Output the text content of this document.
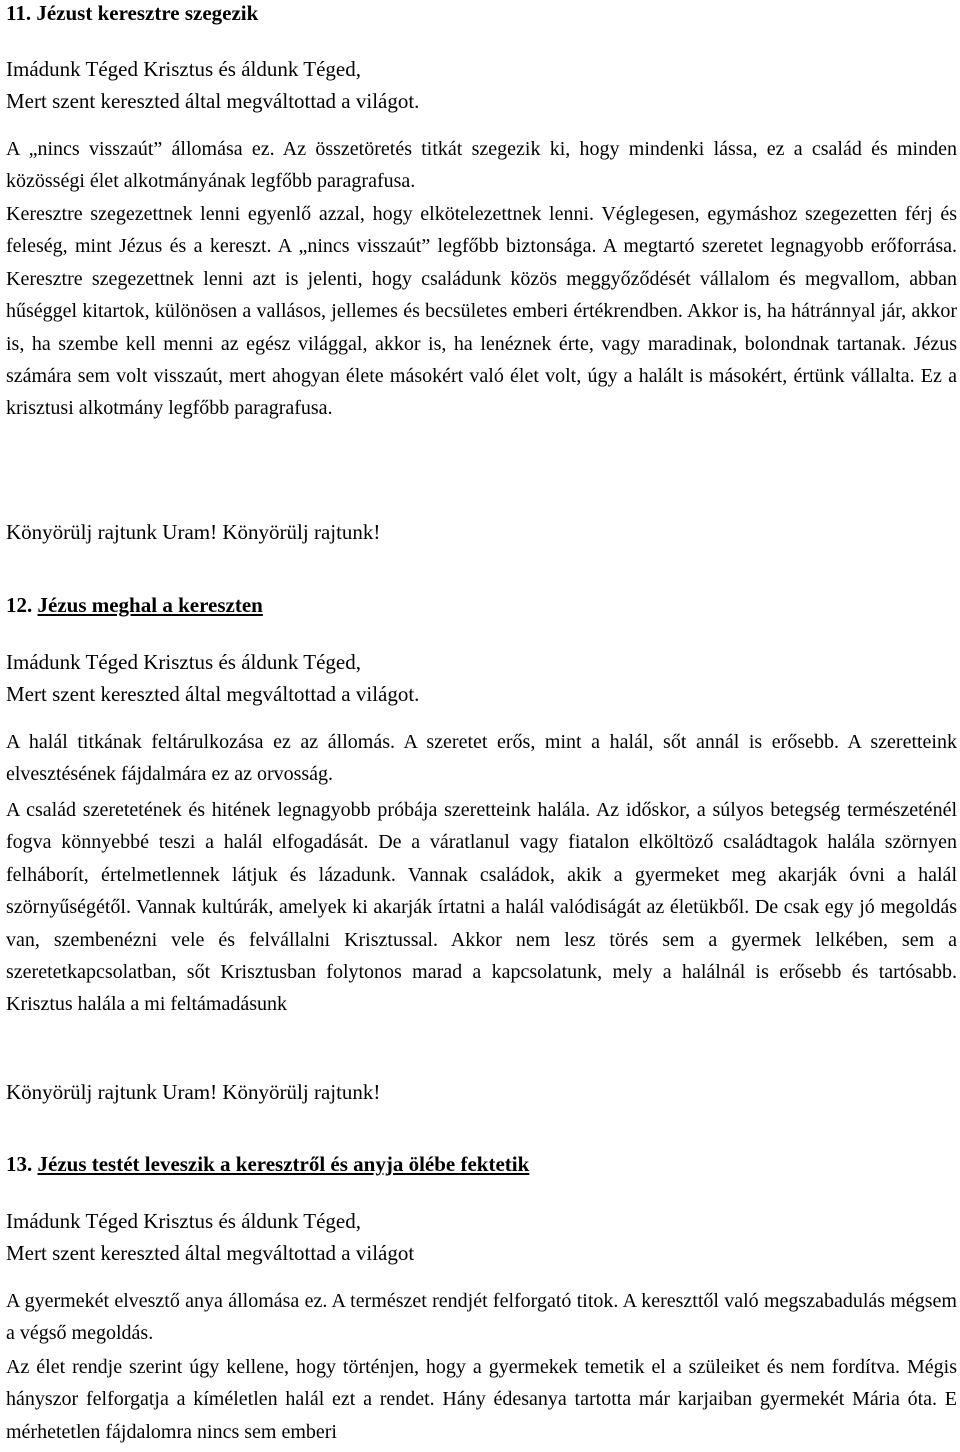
11. Jézust keresztre szegezik

Imádunk Téged Krisztus és áldunk Téged,
Mert szent kereszted által megváltottad a világot.

A „nincs visszaút” állomása ez. Az összetöretés titkát szegezik ki, hogy mindenki lássa, ez a család és minden közösségi élet alkotmányának legfőbb paragrafusa.

Keresztre szegezettnek lenni egyenlő azzal, hogy elkötelezettnek lenni. Véglegesen, egymáshoz szegezetten férj és feleség, mint Jézus és a kereszt. A „nincs visszaút” legfőbb biztonsága. A megtartó szeretet legnagyobb erőforrása. Keresztre szegezettnek lenni azt is jelenti, hogy családunk közös meggyőződését vállalom és megvallom, abban hűséggel kitartok, különösen a vallásos, jellemes és becsületes emberi értékrendben. Akkor is, ha hátránnyal jár, akkor is, ha szembe kell menni az egész világgal, akkor is, ha lenéznek érte, vagy maradinak, bolondnak tartanak. Jézus számára sem volt visszaút, mert ahogyan élete másokért való élet volt, úgy a halált is másokért, értünk vállalta. Ez a krisztusi alkotmány legfőbb paragrafusa.

Könyörülj rajtunk Uram! Könyörülj rajtunk!

12. Jézus meghal a kereszten

Imádunk Téged Krisztus és áldunk Téged,
Mert szent kereszted által megváltottad a világot.

A halál titkának feltárulkozása ez az állomás. A szeretet erős, mint a halál, sőt annál is erősebb. A szeretteink elvesztésének fájdalmára ez az orvosság.

A család szeretetének és hitének legnagyobb próbája szeretteink halála. Az időskor, a súlyos betegség természeténél fogva könnyebbé teszi a halál elfogadását. De a váratlanul vagy fiatalon elköltöző családtagok halála szörnyen felháborít, értelmetlennek látjuk és lázadunk. Vannak családok, akik a gyermeket meg akarják óvni a halál szörnyűségétől. Vannak kultúrák, amelyek ki akarják írtatni a halál valódiságát az életükből. De csak egy jó megoldás van, szembenézni vele és felvállalni Krisztussal. Akkor nem lesz törés sem a gyermek lelkében, sem a szeretetkapcsolatban, sőt Krisztusban folytonos marad a kapcsolatunk, mely a halálnál is erősebb és tartósabb. Krisztus halála a mi feltámadásunk

Könyörülj rajtunk Uram! Könyörülj rajtunk!

13. Jézus testét leveszik a keresztről és anyja ölébe fektetik

Imádunk Téged Krisztus és áldunk Téged,
Mert szent kereszted által megváltottad a világot

A gyermekét elvesztő anya állomása ez. A természet rendjét felforgató titok. A kereszttől való megszabadulás mégsem a végső megoldás.

Az élet rendje szerint úgy kellene, hogy történjen, hogy a gyermekek temetik el a szüleiket és nem fordítva. Mégis hányszor felforgatja a kíméletlen halál ezt a rendet. Hány édesanya tartotta már karjaiban gyermekét Mária óta. E mérhetetlen fájdalomra nincs sem emberi
